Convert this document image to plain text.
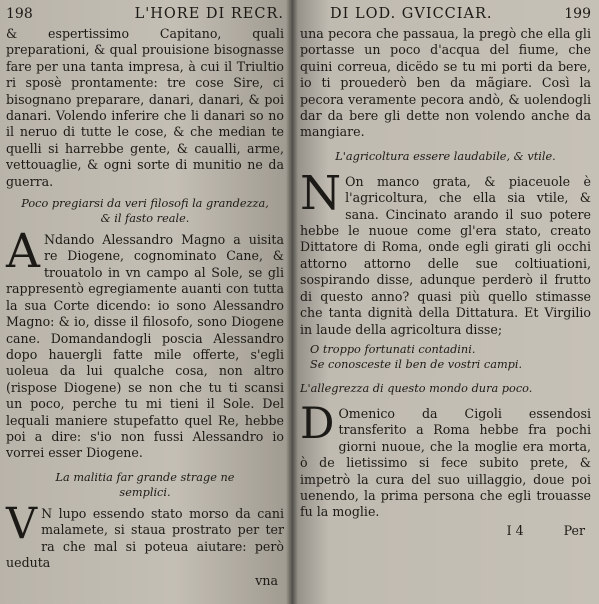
198	L'HORE DI RECR.

& espertissimo Capitano, quali preparationi, & qual prouisione bisognasse fare per una tanta impresa, à cui il Triultio ri sposè prontamente: tre cose Sire, ci bisognano preparare, danari, danari, & poi danari. Volendo inferire che li danari so no il neruo di tutte le cose, & che median te quelli si harrebbe gente, & caualli, arme, vettouaglie, & ogni sorte di munitio ne da guerra.

Poco pregiarsi da veri filosofi la grandezza,
& il fasto reale.

A Ndando Alessandro Magno a uisita re Diogene, cognominato Cane, & trouatolo in vn campo al Sole, se gli rappresentò egregiamente auanti con tutta la sua Corte dicendo: io sono Alessandro Magno: & io, disse il filosofo, sono Diogene cane. Domandandogli poscia Alessandro dopo hauergli fatte mile offerte, s'egli uoleua da lui qualche cosa, non altro (rispose Diogene) se non che tu ti scansi un poco, perche tu mi tieni il Sole. Del lequali maniere stupefatto quel Re, hebbe poi a dire: s'io non fussi Alessandro io vorrei esser Diogene.

La malitia far grande strage ne
semplici.

V N lupo essendo stato morso da cani malamete, si staua prostrato per ter ra che mal si poteua aiutare: però ueduta

vna
DI LOD. GVICCIAR.	199

una pecora che passaua, la pregò che ella gli portasse un poco d'acqua del fiume, che quini correua, dicëdo se tu mi porti da bere, io ti prouederò ben da mãgiare. Così la pecora veramente pecora andò, & uolendogli dar da bere gli dette non volendo anche da mangiare.

L'agricoltura essere laudabile, & vtile.

N On manco grata, & piaceuole è l'agricoltura, che ella sia vtile, & sana. Cincinato arando il suo potere hebbe le nuoue come gl'era stato, creato Dittatore di Roma, onde egli girati gli occhi attorno attorno delle sue coltiuationi, sospirando disse, adunque perderò il frutto di questo anno? quasi più quello stimasse che tanta dignità della Dittatura. Et Virgilio in laude della agricoltura disse;

O troppo fortunati contadini.
Se conosceste il ben de vostri campi.
L'allegrezza di questo mondo dura poco.

D Omenico da Cigoli essendosi transferito a Roma hebbe fra pochi giorni nuoue, che la moglie era morta, ò de lietissimo si fece subito prete, & impetrò la cura del suo uillaggio, doue poi uenendo, la prima persona che egli trouasse fu la moglie.

I 4	Per
